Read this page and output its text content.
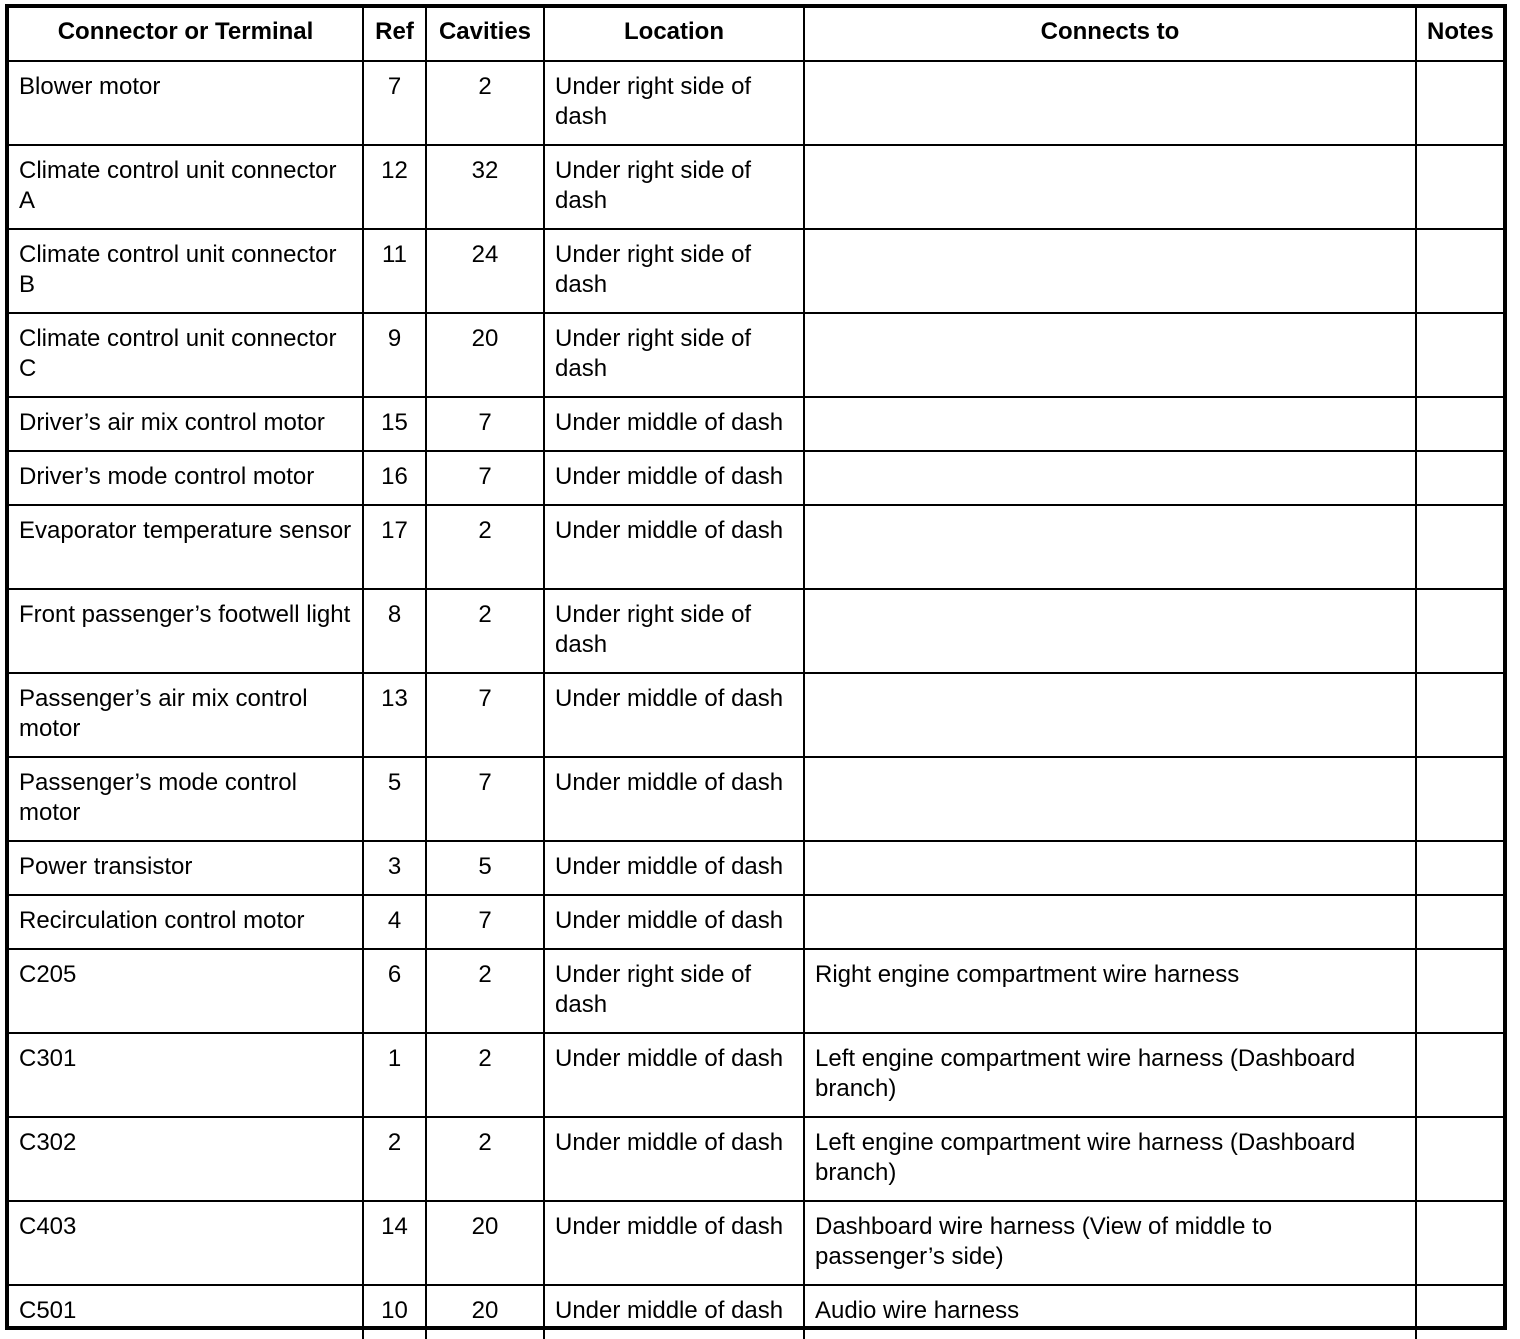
Connector or Terminal	Ref	Cavities	Location	Connects to	Notes
Blower motor	7	2	Under right side of dash		
Climate control unit connector A	12	32	Under right side of dash		
Climate control unit connector B	11	24	Under right side of dash		
Climate control unit connector C	9	20	Under right side of dash		
Driver’s air mix control motor	15	7	Under middle of dash		
Driver’s mode control motor	16	7	Under middle of dash		
Evaporator temperature sensor	17	2	Under middle of dash		
Front passenger’s footwell light	8	2	Under right side of dash		
Passenger’s air mix control motor	13	7	Under middle of dash		
Passenger’s mode control motor	5	7	Under middle of dash		
Power transistor	3	5	Under middle of dash		
Recirculation control motor	4	7	Under middle of dash		
C205	6	2	Under right side of dash	Right engine compartment wire harness	
C301	1	2	Under middle of dash	Left engine compartment wire harness (Dashboard branch)	
C302	2	2	Under middle of dash	Left engine compartment wire harness (Dashboard branch)	
C403	14	20	Under middle of dash	Dashboard wire harness (View of middle to passenger’s side)	
C501	10	20	Under middle of dash	Audio wire harness	
